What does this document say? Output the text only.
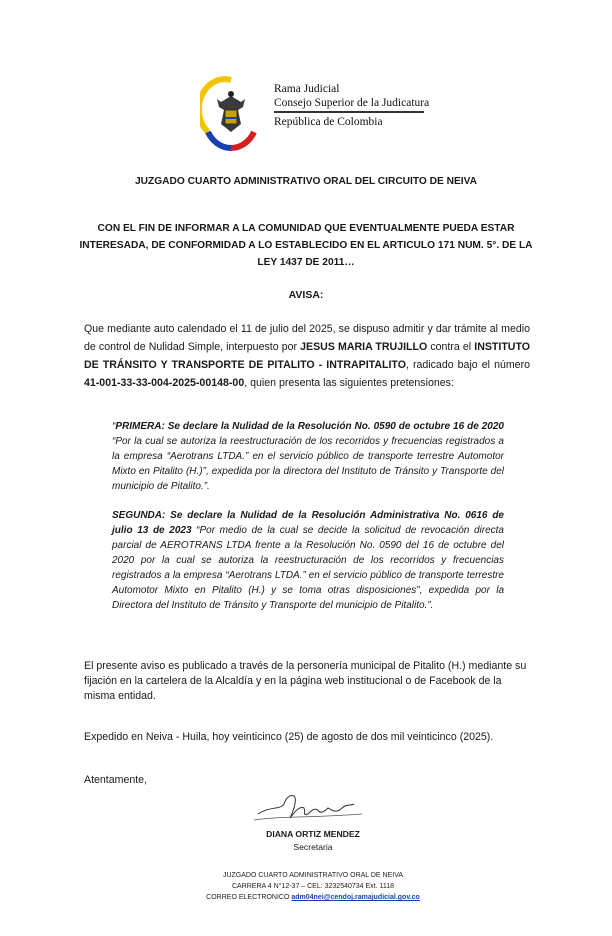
Rama Judicial
Consejo Superior de la Judicatura
República de Colombia
JUZGADO CUARTO ADMINISTRATIVO ORAL DEL CIRCUITO DE NEIVA
CON EL FIN DE INFORMAR A LA COMUNIDAD QUE EVENTUALMENTE PUEDA ESTAR INTERESADA, DE CONFORMIDAD A LO ESTABLECIDO EN EL ARTICULO 171 NUM. 5°. DE LA LEY 1437 DE 2011…
AVISA:
Que mediante auto calendado el 11 de julio del 2025, se dispuso admitir y dar trámite al medio de control de Nulidad Simple, interpuesto por JESUS MARIA TRUJILLO contra el INSTITUTO DE TRÁNSITO Y TRANSPORTE DE PITALITO - INTRAPITALITO, radicado bajo el número 41-001-33-33-004-2025-00148-00, quien presenta las siguientes pretensiones:
“PRIMERA: Se declare la Nulidad de la Resolución No. 0590 de octubre 16 de 2020 “Por la cual se autoriza la reestructuración de los recorridos y frecuencias registrados a la empresa “Aerotrans LTDA.” en el servicio público de transporte terrestre Automotor Mixto en Pitalito (H.)”, expedida por la directora del Instituto de Tránsito y Transporte del municipio de Pitalito.”.
SEGUNDA: Se declare la Nulidad de la Resolución Administrativa No. 0616 de julio 13 de 2023 “Por medio de la cual se decide la solicitud de revocación directa parcial de AEROTRANS LTDA frente a la Resolución No. 0590 del 16 de octubre del 2020 por la cual se autoriza la reestructuración de los recorridos y frecuencias registrados a la empresa “Aerotrans LTDA.” en el servicio público de transporte terrestre Automotor Mixto en Pitalito (H.) y se toma otras disposiciones”, expedida por la Directora del Instituto de Tránsito y Transporte del municipio de Pitalito.”.
El presente aviso es publicado a través de la personería municipal de Pitalito (H.) mediante su fijación en la cartelera de la Alcaldía y en la página web institucional o de Facebook de la misma entidad.
Expedido en Neiva - Huila, hoy veinticinco (25) de agosto de dos mil veinticinco (2025).
Atentamente,
DIANA ORTIZ MENDEZ
Secretaria
JUZGADO CUARTO ADMINISTRATIVO ORAL DE NEIVA
CARRERA 4 N°12-37 – CEL: 3232540734 Ext. 1118
CORREO ELECTRONICO adm04nei@cendoj.ramajudicial.gov.co
